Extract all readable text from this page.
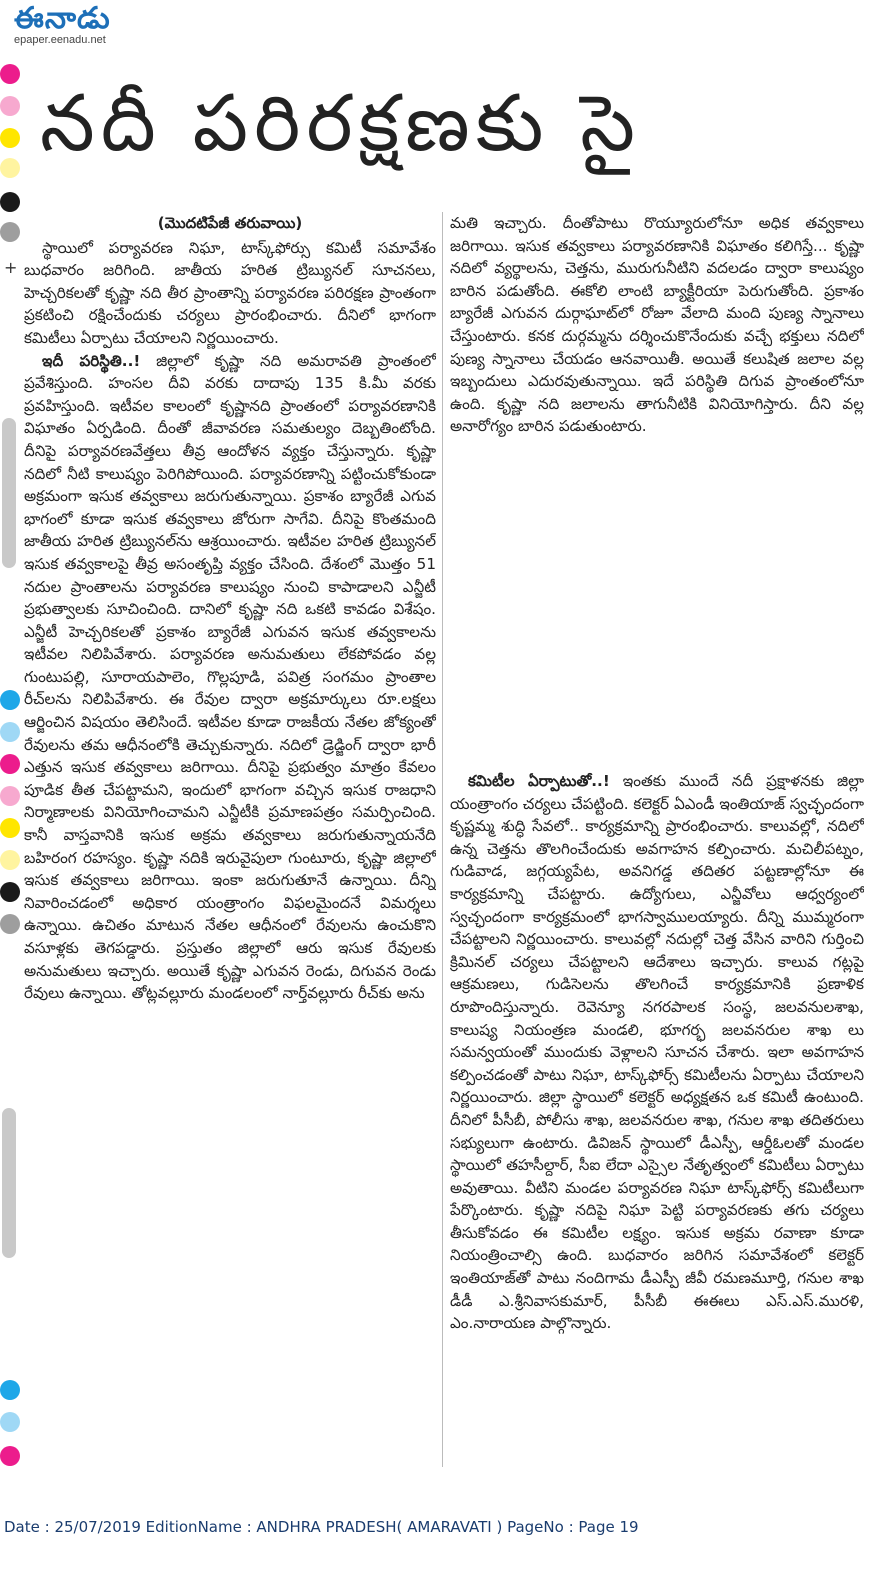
ఈనాడు
epaper.eenadu.net
నదీ పరిరక్షణకు సై
+
(మొదటిపేజీ తరువాయి)

స్థాయిలో పర్యావరణ నిఘా, టాస్క్‌ఫోర్సు కమిటీ సమావేశం బుధవారం జరిగింది. జాతీయ హరిత ట్రిబ్యునల్ సూచనలు, హెచ్చరికలతో కృష్ణా నది తీర ప్రాంతాన్ని పర్యావరణ పరిరక్షణ ప్రాంతంగా ప్రకటించి రక్షించేందుకు చర్యలు ప్రారంభించారు. దీనిలో భాగంగా కమిటీలు ఏర్పాటు చేయాలని నిర్ణయించారు.

ఇదీ పరిస్థితి..! జిల్లాలో కృష్ణా నది అమరావతి ప్రాంతంలో ప్రవేశిస్తుంది. హంసల దీవి వరకు దాదాపు 135 కి.మీ వరకు ప్రవహిస్తుంది. ఇటీవల కాలంలో కృష్ణానది ప్రాంతంలో పర్యావరణానికి విఘాతం ఏర్పడింది. దీంతో జీవావరణ సమతుల్యం దెబ్బతింటోంది. దీనిపై పర్యావరణవేత్తలు తీవ్ర ఆందోళన వ్యక్తం చేస్తున్నారు. కృష్ణా నదిలో నీటి కాలుష్యం పెరిగిపోయింది. పర్యావరణాన్ని పట్టించుకోకుండా అక్రమంగా ఇసుక తవ్వకాలు జరుగుతున్నాయి. ప్రకాశం బ్యారేజీ ఎగువ భాగంలో కూడా ఇసుక తవ్వకాలు జోరుగా సాగేవి. దీనిపై కొంతమంది జాతీయ హరిత ట్రిబ్యునల్‌ను ఆశ్రయించారు. ఇటీవల హరిత ట్రిబ్యునల్ ఇసుక తవ్వకాలపై తీవ్ర అసంతృప్తి వ్యక్తం చేసింది. దేశంలో మొత్తం 51 నదుల ప్రాంతాలను పర్యావరణ కాలుష్యం నుంచి కాపాడాలని ఎన్జీటీ ప్రభుత్వాలకు సూచించింది. దానిలో కృష్ణా నది ఒకటి కావడం విశేషం. ఎన్జీటీ హెచ్చరికలతో ప్రకాశం బ్యారేజీ ఎగువన ఇసుక తవ్వకాలను ఇటీవల నిలిపివేశారు. పర్యావరణ అనుమతులు లేకపోవడం వల్ల గుంటుపల్లి, సూరాయపాలెం, గొల్లపూడి, పవిత్ర సంగమం ప్రాంతాల రీచ్‌లను నిలిపివేశారు. ఈ రేవుల ద్వారా అక్రమార్కులు రూ.లక్షలు ఆర్జించిన విషయం తెలిసిందే. ఇటీవల కూడా రాజకీయ నేతల జోక్యంతో రేవులను తమ ఆధీనంలోకి తెచ్చుకున్నారు. నదిలో డ్రెడ్జింగ్ ద్వారా భారీ ఎత్తున ఇసుక తవ్వకాలు జరిగాయి. దీనిపై ప్రభుత్వం మాత్రం కేవలం పూడిక తీత చేపట్టామని, ఇందులో భాగంగా వచ్చిన ఇసుక రాజధాని నిర్మాణాలకు వినియోగించామని ఎన్జీటీకి ప్రమాణపత్రం సమర్పించింది. కానీ వాస్తవానికి ఇసుక అక్రమ తవ్వకాలు జరుగుతున్నాయనేది బహిరంగ రహస్యం. కృష్ణా నదికి ఇరువైపులా గుంటూరు, కృష్ణా జిల్లాలో ఇసుక తవ్వకాలు జరిగాయి. ఇంకా జరుగుతూనే ఉన్నాయి. దీన్ని నివారించడంలో అధికార యంత్రాంగం విఫలమైందనే విమర్శలు ఉన్నాయి. ఉచితం మాటున నేతల ఆధీనంలో రేవులను ఉంచుకొని వసూళ్లకు తెగపడ్డారు. ప్రస్తుతం జిల్లాలో ఆరు ఇసుక రేవులకు అనుమతులు ఇచ్చారు. అయితే కృష్ణా ఎగువన రెండు, దిగువన రెండు రేవులు ఉన్నాయి. తోట్లవల్లూరు మండలంలో నార్త్‌వల్లూరు రీచ్‌కు అను

మతి ఇచ్చారు. దీంతోపాటు రొయ్యూరులోనూ అధిక తవ్వకాలు జరిగాయి. ఇసుక తవ్వకాలు పర్యావరణానికి విఘాతం కలిగిస్తే... కృష్ణా నదిలో వ్యర్థాలను, చెత్తను, మురుగునీటిని వదలడం ద్వారా కాలుష్యం బారిన పడుతోంది. ఈకోలి లాంటి బ్యాక్టీరియా పెరుగుతోంది. ప్రకాశం బ్యారేజీ ఎగువన దుర్గాఘాట్‌లో రోజూ వేలాది మంది పుణ్య స్నానాలు చేస్తుంటారు. కనక దుర్గమ్మను దర్శించుకొనేందుకు వచ్చే భక్తులు నదిలో పుణ్య స్నానాలు చేయడం ఆనవాయితీ. అయితే కలుషిత జలాల వల్ల ఇబ్బందులు ఎదురవుతున్నాయి. ఇదే పరిస్థితి దిగువ ప్రాంతంలోనూ ఉంది. కృష్ణా నది జలాలను తాగునీటికి వినియోగిస్తారు. దీని వల్ల అనారోగ్యం బారిన పడుతుంటారు.

కమిటీల ఏర్పాటుతో..! ఇంతకు ముందే నదీ ప్రక్షాళనకు జిల్లా యంత్రాంగం చర్యలు చేపట్టింది. కలెక్టర్ ఏఎండీ ఇంతియాజ్ స్వచ్ఛందంగా కృష్ణమ్మ శుద్ధి సేవలో.. కార్యక్రమాన్ని ప్రారంభించారు. కాలువల్లో, నదిలో ఉన్న చెత్తను తొలగించేందుకు అవగాహన కల్పించారు. మచిలీపట్నం, గుడివాడ, జగ్గయ్యపేట, అవనిగడ్డ తదితర పట్టణాల్లోనూ ఈ కార్యక్రమాన్ని చేపట్టారు. ఉద్యోగులు, ఎన్జీవోలు ఆధ్వర్యంలో స్వచ్ఛందంగా కార్యక్రమంలో భాగస్వాములయ్యారు. దీన్ని ముమ్మరంగా చేపట్టాలని నిర్ణయించారు. కాలువల్లో నదుల్లో చెత్త వేసిన వారిని గుర్తించి క్రిమినల్ చర్యలు చేపట్టాలని ఆదేశాలు ఇచ్చారు. కాలువ గట్లపై ఆక్రమణలు, గుడిసెలను తొలగించే కార్యక్రమానికి ప్రణాళిక రూపొందిస్తున్నారు. రెవెన్యూ నగరపాలక సంస్థ, జలవనులశాఖ, కాలుష్య నియంత్రణ మండలి, భూగర్భ జలవనరుల శాఖ లు సమన్వయంతో ముందుకు వెళ్లాలని సూచన చేశారు. ఇలా అవగాహన కల్పించడంతో పాటు నిఘా, టాస్క్‌ఫోర్స్ కమిటీలను ఏర్పాటు చేయాలని నిర్ణయించారు. జిల్లా స్థాయిలో కలెక్టర్ అధ్యక్షతన ఒక కమిటీ ఉంటుంది. దీనిలో పీసీబీ, పోలీసు శాఖ, జలవనరుల శాఖ, గనుల శాఖ తదితరులు సభ్యులుగా ఉంటారు. డివిజన్ స్థాయిలో డీఎస్పీ, ఆర్డీఓలతో మండల స్థాయిలో తహసీల్దార్, సీఐ లేదా ఎస్సైల నేతృత్వంలో కమిటీలు ఏర్పాటు అవుతాయి. వీటిని మండల పర్యావరణ నిఘా టాస్క్‌ఫోర్స్ కమిటీలుగా పేర్కొంటారు. కృష్ణా నదిపై నిఘా పెట్టి పర్యావరణకు తగు చర్యలు తీసుకోవడం ఈ కమిటీల లక్ష్యం. ఇసుక అక్రమ రవాణా కూడా నియంత్రించాల్సి ఉంది. బుధవారం జరిగిన సమావేశంలో కలెక్టర్ ఇంతియాజ్‌తో పాటు నందిగామ డీఎస్పీ జీవీ రమణమూర్తి, గనుల శాఖ డీడీ ఎ.శ్రీనివాసకుమార్, పీసీబీ ఈఈలు ఎస్.ఎస్.మురళి, ఎం.నారాయణ పాల్గొన్నారు.

Date : 25/07/2019 EditionName : ANDHRA PRADESH( AMARAVATI ) PageNo : Page 19
